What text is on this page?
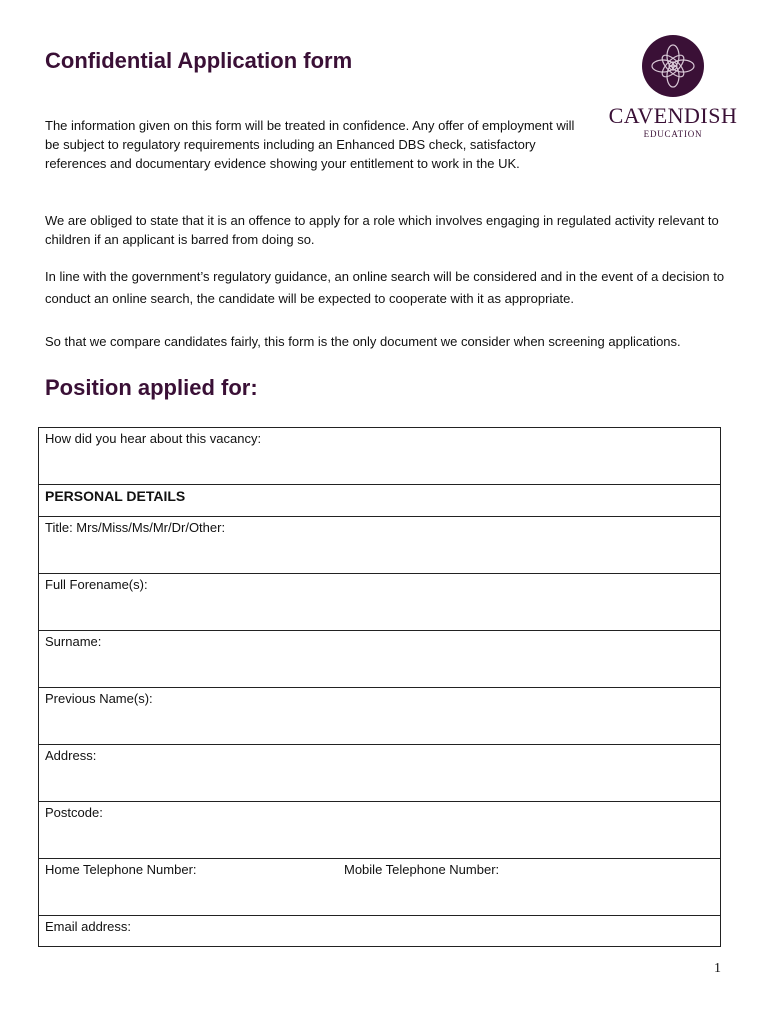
Confidential Application form
CAVENDISH
EDUCATION

The information given on this form will be treated in confidence. Any offer of employment will be subject to regulatory requirements including an Enhanced DBS check, satisfactory references and documentary evidence showing your entitlement to work in the UK.

We are obliged to state that it is an offence to apply for a role which involves engaging in regulated activity relevant to children if an applicant is barred from doing so.

In line with the government’s regulatory guidance, an online search will be considered and in the event of a decision to conduct an online search, the candidate will be expected to cooperate with it as appropriate.

So that we compare candidates fairly, this form is the only document we consider when screening applications.

Position applied for:
How did you hear about this vacancy:
PERSONAL DETAILS
Title: Mrs/Miss/Ms/Mr/Dr/Other:
Full Forename(s):
Surname:
Previous Name(s):
Address:
Postcode:
Home Telephone Number:	Mobile Telephone Number:
Email address:
1
